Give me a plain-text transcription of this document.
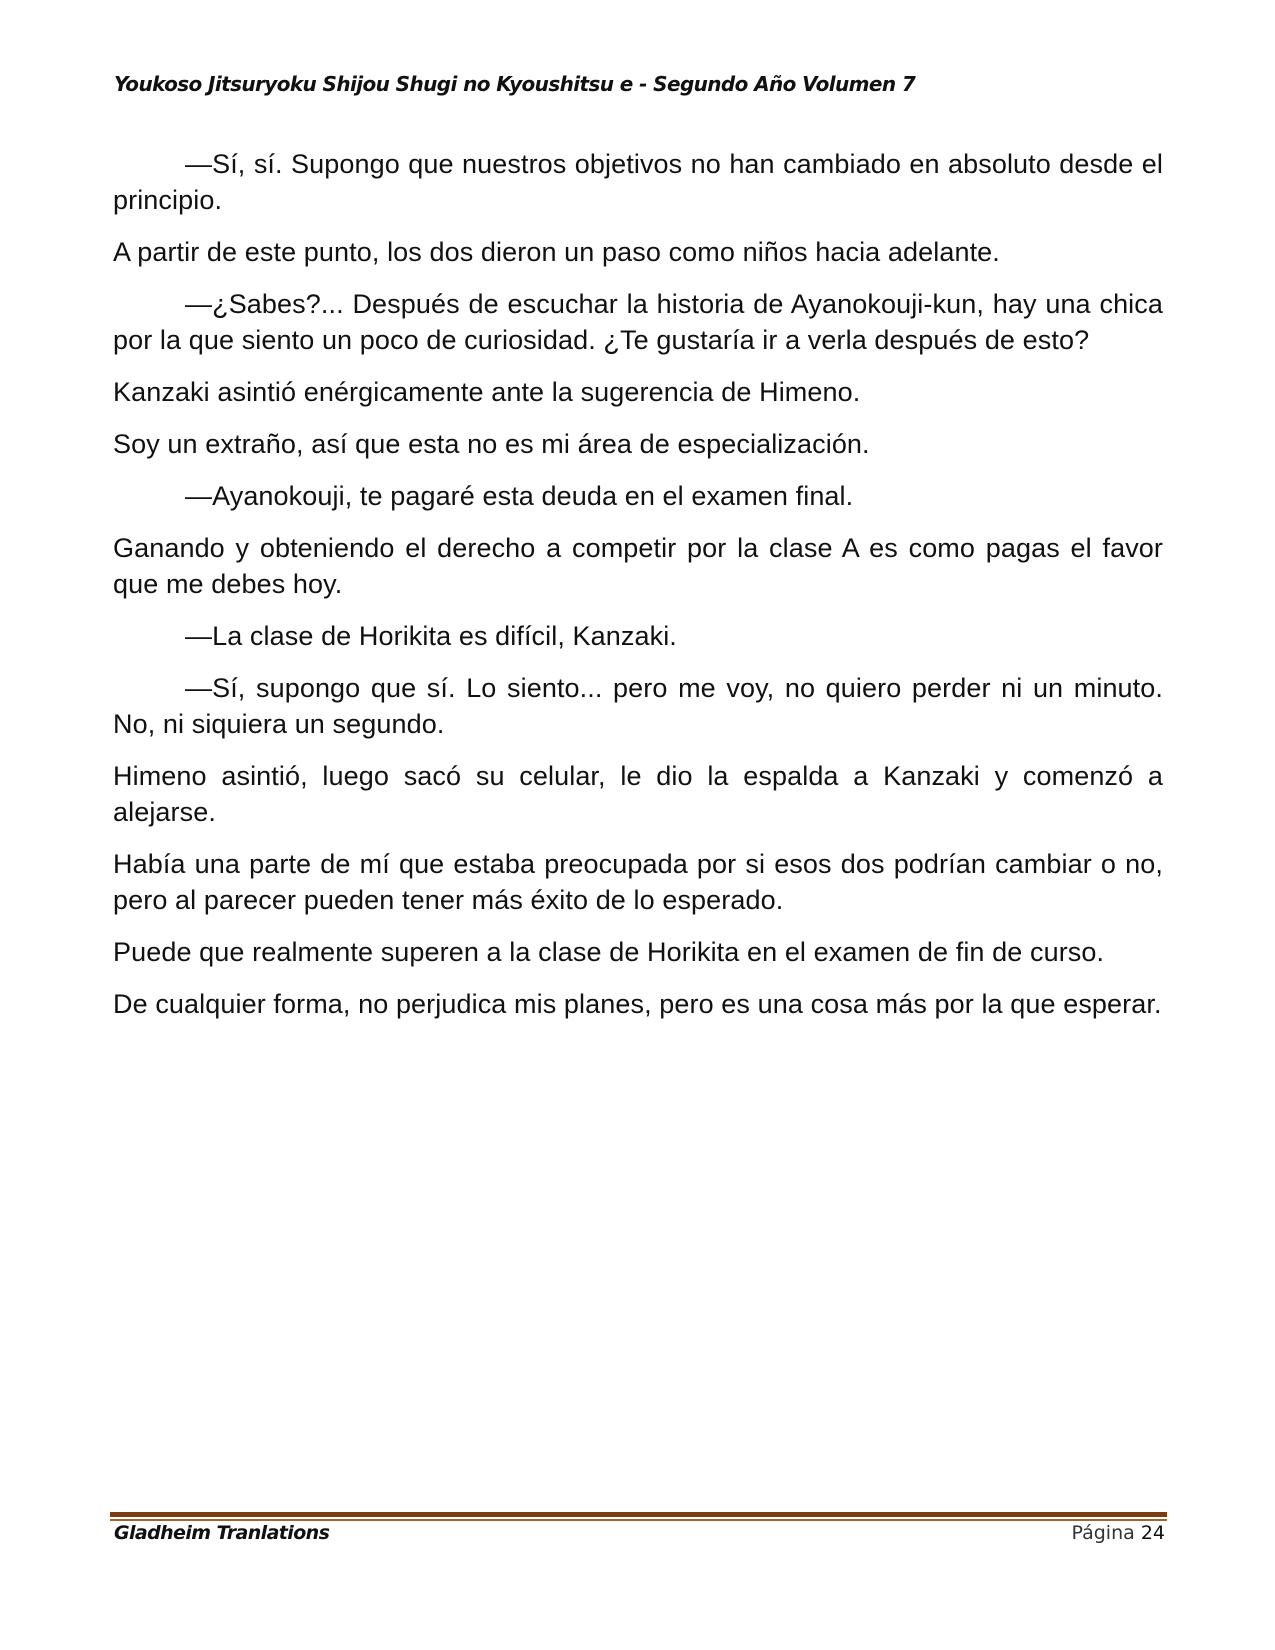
Youkoso Jitsuryoku Shijou Shugi no Kyoushitsu e - Segundo Año Volumen 7

—Sí, sí. Supongo que nuestros objetivos no han cambiado en absoluto desde el principio.

A partir de este punto, los dos dieron un paso como niños hacia adelante.

—¿Sabes?... Después de escuchar la historia de Ayanokouji-kun, hay una chica por la que siento un poco de curiosidad. ¿Te gustaría ir a verla después de esto?

Kanzaki asintió enérgicamente ante la sugerencia de Himeno.

Soy un extraño, así que esta no es mi área de especialización.

—Ayanokouji, te pagaré esta deuda en el examen final.

Ganando y obteniendo el derecho a competir por la clase A es como pagas el favor que me debes hoy.

—La clase de Horikita es difícil, Kanzaki.

—Sí, supongo que sí. Lo siento... pero me voy, no quiero perder ni un minuto. No, ni siquiera un segundo.

Himeno asintió, luego sacó su celular, le dio la espalda a Kanzaki y comenzó a alejarse.

Había una parte de mí que estaba preocupada por si esos dos podrían cambiar o no, pero al parecer pueden tener más éxito de lo esperado.

Puede que realmente superen a la clase de Horikita en el examen de fin de curso.

De cualquier forma, no perjudica mis planes, pero es una cosa más por la que esperar.

Gladheim Tranlations	Página 24
